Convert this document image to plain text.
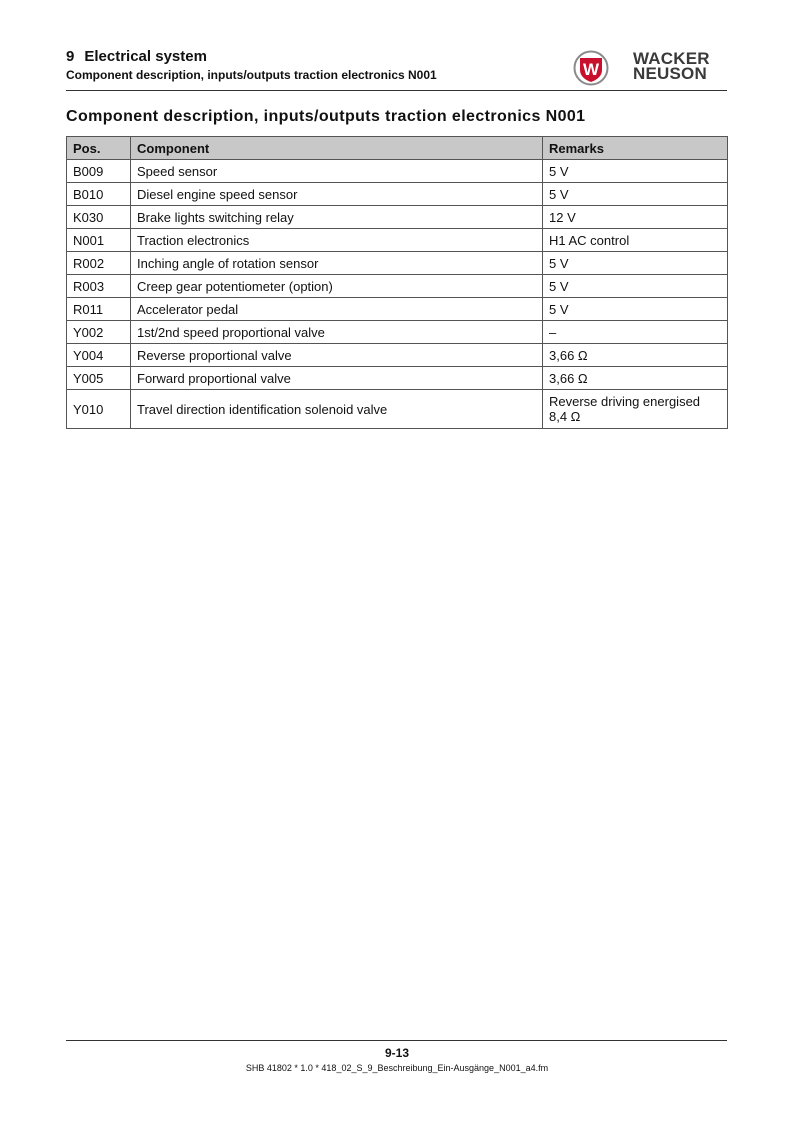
9 Electrical system
Component description, inputs/outputs traction electronics N001	W
WACKER
NEUSON
Component description, inputs/outputs traction electronics N001
Pos.	Component	Remarks
B009	Speed sensor	5 V

B010	Diesel engine speed sensor	5 V

K030	Brake lights switching relay	12 V

N001	Traction electronics	H1 AC control

R002	Inching angle of rotation sensor	5 V

R003	Creep gear potentiometer (option)	5 V

R011	Accelerator pedal	5 V

Y002	1st/2nd speed proportional valve	–

Y004	Reverse proportional valve	3,66 Ω

Y005	Forward proportional valve	3,66 Ω

Y010	Travel direction identification solenoid valve	Reverse driving energised
8,4 Ω
9-13
SHB 41802 * 1.0 * 418_02_S_9_Beschreibung_Ein-Ausgänge_N001_a4.fm
